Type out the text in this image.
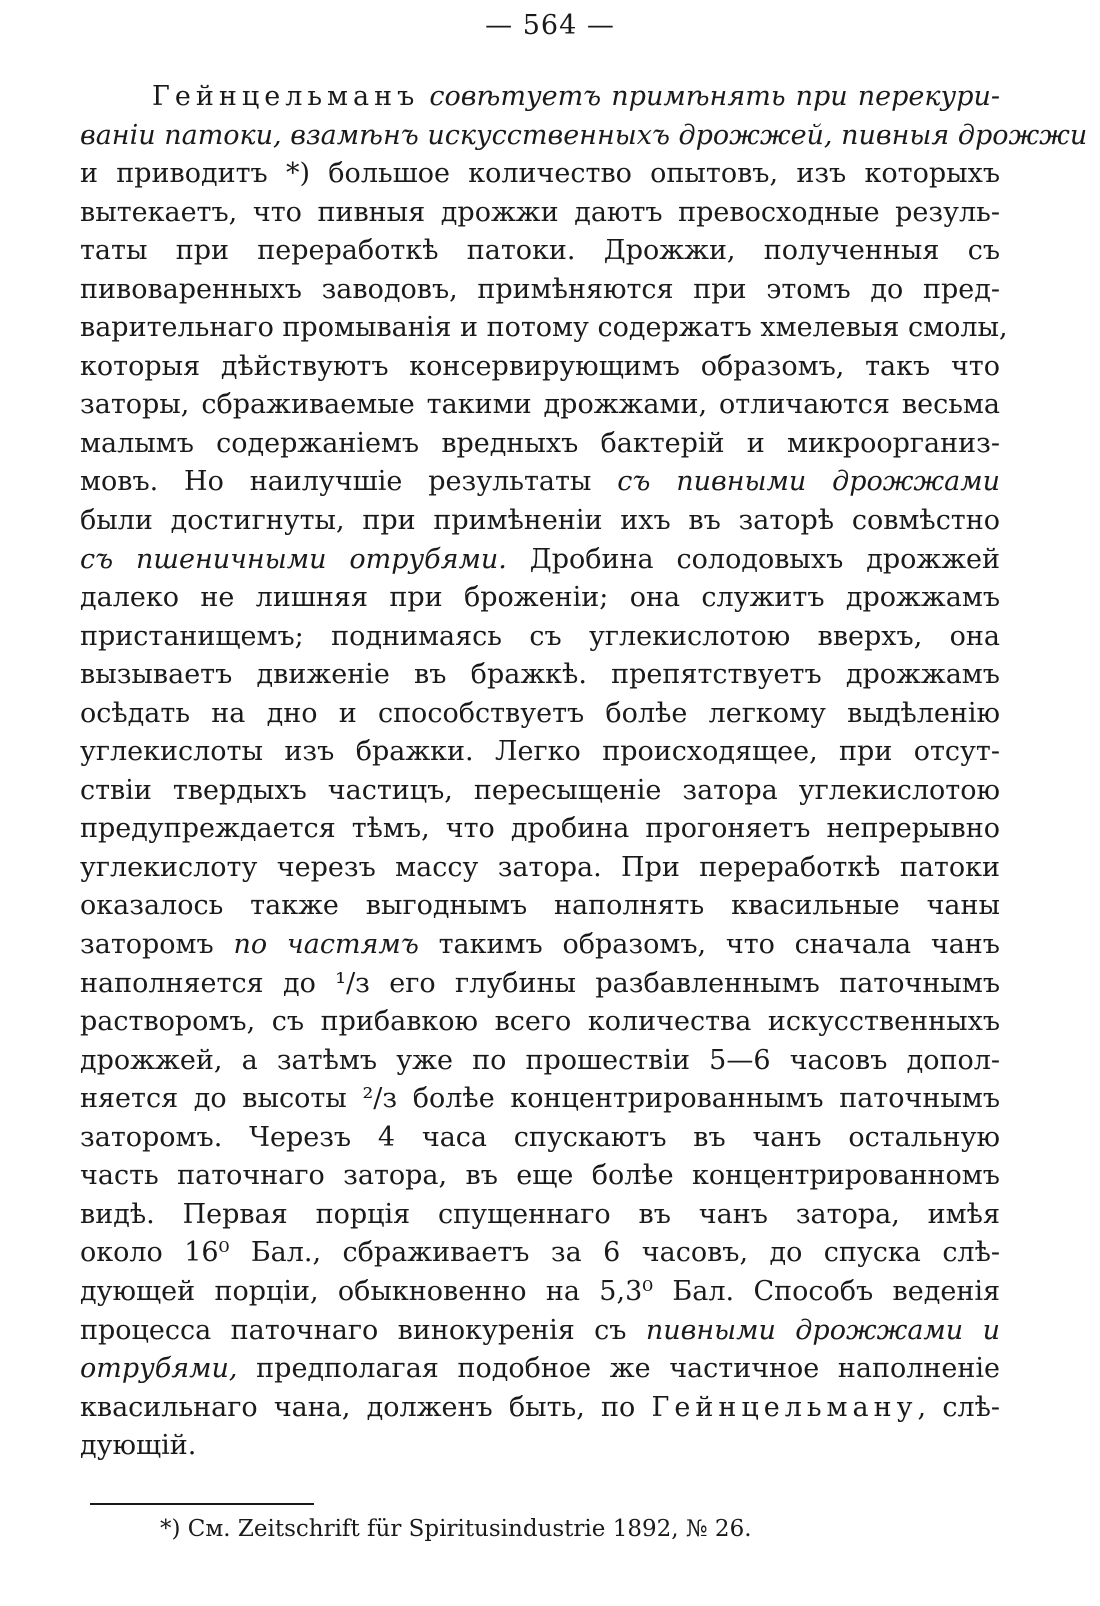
— 564 —
Гейнцельманъ совѣтуетъ примѣнять при перекури-
ваніи патоки, взамѣнъ искусственныхъ дрожжей, пивныя дрожжи
и приводитъ *) большое количество опытовъ, изъ которыхъ
вытекаетъ, что пивныя дрожжи даютъ превосходные резуль-
таты при переработкѣ патоки. Дрожжи, полученныя съ
пивоваренныхъ заводовъ, примѣняются при этомъ до пред-
варительнаго промыванія и потому содержатъ хмелевыя смолы,
которыя дѣйствуютъ консервирующимъ образомъ, такъ что
заторы, сбраживаемые такими дрожжами, отличаются весьма
малымъ содержаніемъ вредныхъ бактерій и микроорганиз-
мовъ. Но наилучшіе результаты съ пивными дрожжами
были достигнуты, при примѣненіи ихъ въ заторѣ совмѣстно
съ пшеничными отрубями. Дробина солодовыхъ дрожжей
далеко не лишняя при броженіи; она служитъ дрожжамъ
пристанищемъ; поднимаясь съ углекислотою вверхъ, она
вызываетъ движеніе въ бражкѣ. препятствуетъ дрожжамъ
осѣдать на дно и способствуетъ болѣе легкому выдѣленію
углекислоты изъ бражки. Легко происходящее, при отсут-
ствіи твердыхъ частицъ, пересыщеніе затора углекислотою
предупреждается тѣмъ, что дробина прогоняетъ непрерывно
углекислоту черезъ массу затора. При переработкѣ патоки
оказалось также выгоднымъ наполнять квасильные чаны
заторомъ по частямъ такимъ образомъ, что сначала чанъ
наполняется до ¹/з его глубины разбавленнымъ паточнымъ
растворомъ, съ прибавкою всего количества искусственныхъ
дрожжей, а затѣмъ уже по прошествіи 5—6 часовъ допол-
няется до высоты ²/з болѣе концентрированнымъ паточнымъ
заторомъ. Черезъ 4 часа спускаютъ въ чанъ остальную
часть паточнаго затора, въ еще болѣе концентрированномъ
видѣ. Первая порція спущеннаго въ чанъ затора, имѣя
около 16⁰ Бал., сбраживаетъ за 6 часовъ, до спуска слѣ-
дующей порціи, обыкновенно на 5,3⁰ Бал. Способъ веденія
процесса паточнаго винокуренія съ пивными дрожжами и
отрубями, предполагая подобное же частичное наполненіе
квасильнаго чана, долженъ быть, по Гейнцельману, слѣ-
дующій.
*) См. Zeitschrift für Spiritusindustrie 1892, № 26.
